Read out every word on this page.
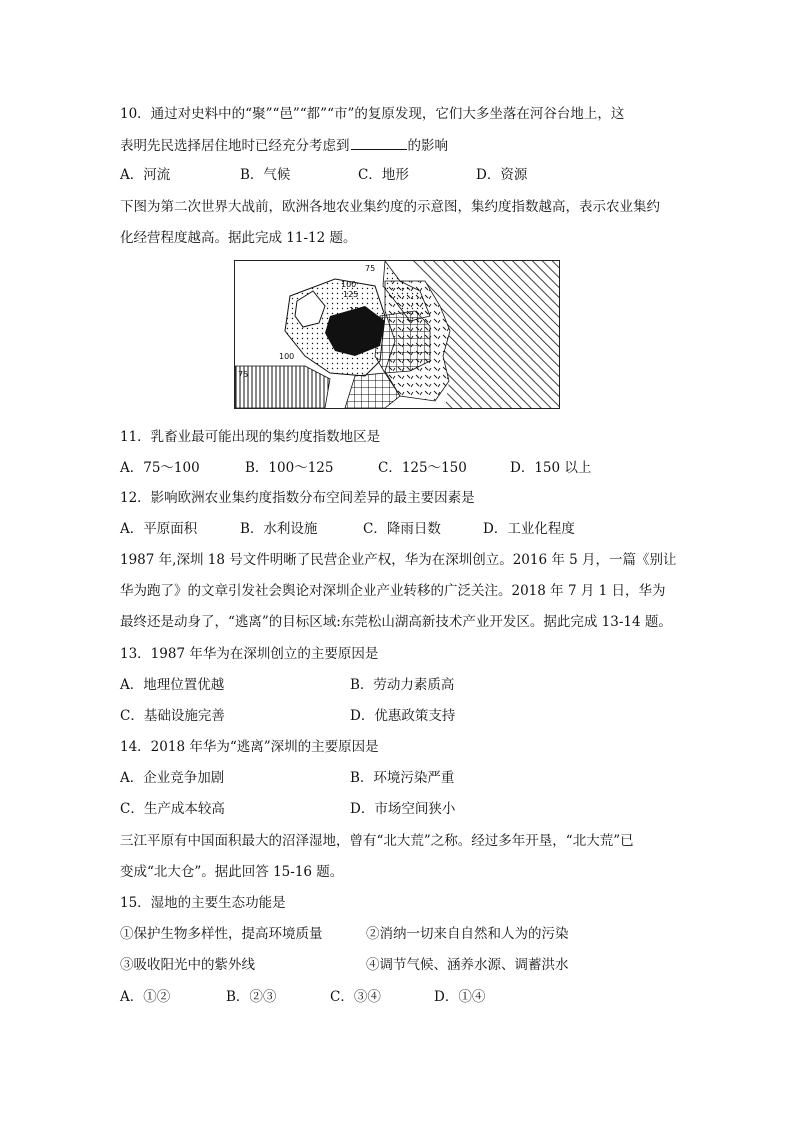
10．通过对史料中的“聚”“邑”“都”“市”的复原发现，它们大多坐落在河谷台地上，这
表明先民选择居住地时已经充分考虑到	的影响
A．河流	B．气候	C．地形	D．资源
下图为第二次世界大战前，欧洲各地农业集约度的示意图，集约度指数越高，表示农业集约
化经营程度越高。据此完成 11-12 题。
75
100
125
150
100
75
11．乳畜业最可能出现的集约度指数地区是
A．75～100	B．100～125	C．125～150	D．150 以上
12．影响欧洲农业集约度指数分布空间差异的最主要因素是
A．平原面积	B．水利设施	C．降雨日数	D．工业化程度
1987 年,深圳 18 号文件明晰了民营企业产权，华为在深圳创立。2016 年 5 月，一篇《别让
华为跑了》的文章引发社会舆论对深圳企业产业转移的广泛关注。2018 年 7 月 1 日，华为
最终还是动身了，“逃离”的目标区域:东莞松山湖高新技术产业开发区。据此完成 13-14 题。
13．1987 年华为在深圳创立的主要原因是
A．地理位置优越	B．劳动力素质高
C．基础设施完善	D．优惠政策支持
14．2018 年华为“逃离”深圳的主要原因是
A．企业竞争加剧	B．环境污染严重
C．生产成本较高	D．市场空间狭小
三江平原有中国面积最大的沼泽湿地，曾有“北大荒”之称。经过多年开垦，“北大荒”已
变成“北大仓”。据此回答 15-16 题。
15．湿地的主要生态功能是
①保护生物多样性，提高环境质量	②消纳一切来自自然和人为的污染
③吸收阳光中的紫外线	④调节气候、涵养水源、调蓄洪水
A．①②	B．②③	C．③④	D．①④
